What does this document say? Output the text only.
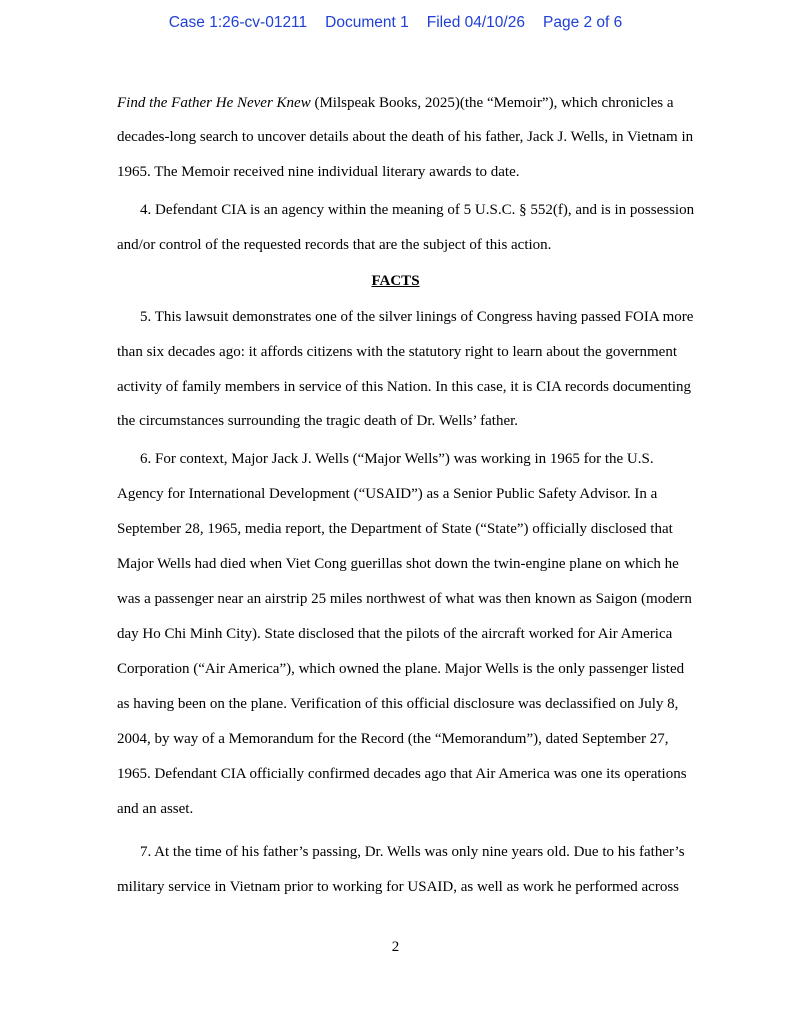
Case 1:26-cv-01211 Document 1 Filed 04/10/26 Page 2 of 6
Find the Father He Never Knew (Milspeak Books, 2025)(the “Memoir”), which chronicles a
decades-long search to uncover details about the death of his father, Jack J. Wells, in Vietnam in
1965. The Memoir received nine individual literary awards to date.
4. Defendant CIA is an agency within the meaning of 5 U.S.C. § 552(f), and is in possession
and/or control of the requested records that are the subject of this action.
FACTS
5. This lawsuit demonstrates one of the silver linings of Congress having passed FOIA more
than six decades ago: it affords citizens with the statutory right to learn about the government
activity of family members in service of this Nation. In this case, it is CIA records documenting
the circumstances surrounding the tragic death of Dr. Wells’ father.
6. For context, Major Jack J. Wells (“Major Wells”) was working in 1965 for the U.S.
Agency for International Development (“USAID”) as a Senior Public Safety Advisor. In a
September 28, 1965, media report, the Department of State (“State”) officially disclosed that
Major Wells had died when Viet Cong guerillas shot down the twin-engine plane on which he
was a passenger near an airstrip 25 miles northwest of what was then known as Saigon (modern
day Ho Chi Minh City). State disclosed that the pilots of the aircraft worked for Air America
Corporation (“Air America”), which owned the plane. Major Wells is the only passenger listed
as having been on the plane. Verification of this official disclosure was declassified on July 8,
2004, by way of a Memorandum for the Record (the “Memorandum”), dated September 27,
1965. Defendant CIA officially confirmed decades ago that Air America was one its operations
and an asset.
7. At the time of his father’s passing, Dr. Wells was only nine years old. Due to his father’s
military service in Vietnam prior to working for USAID, as well as work he performed across
2
